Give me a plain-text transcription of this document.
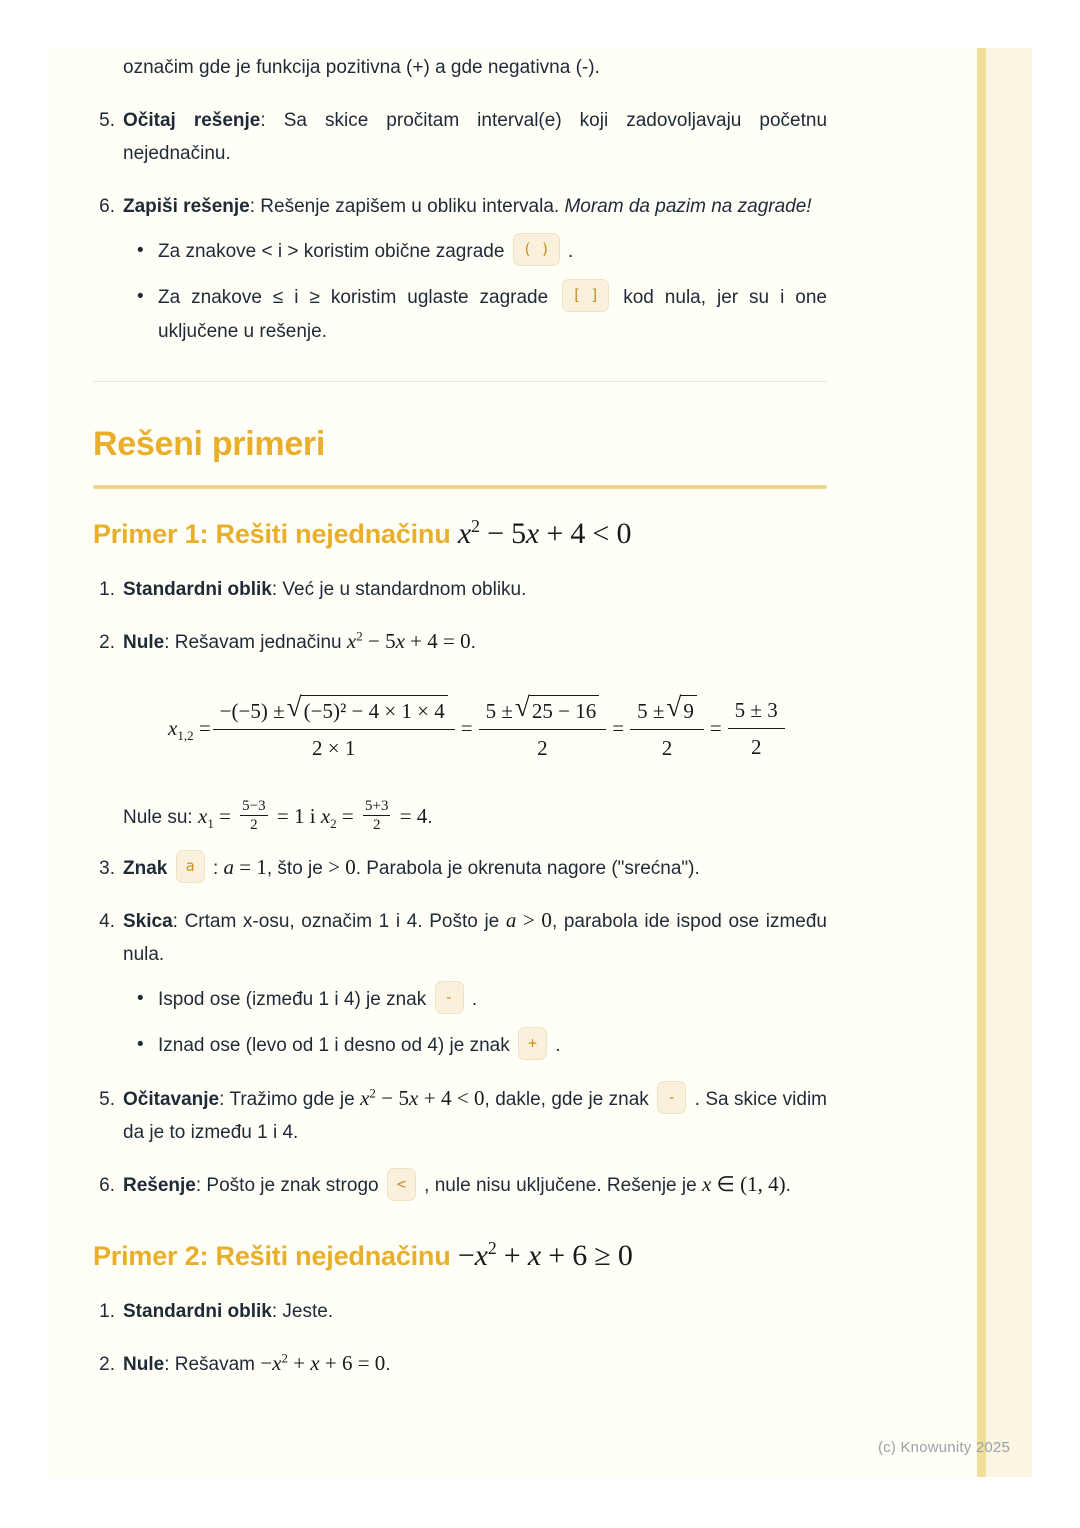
označim gde je funkcija pozitivna (+) a gde negativna (-).

5. Očitaj rešenje: Sa skice pročitam interval(e) koji zadovoljavaju početnu nejednačinu.
6. Zapiši rešenje: Rešenje zapišem u obliku intervala. Moram da pazim na zagrade!
• Za znakove < i > koristim obične zagrade ( ) .
• Za znakove ≤ i ≥ koristim uglaste zagrade [ ] kod nula, jer su i one uključene u rešenje.
Rešeni primeri
Primer 1: Rešiti nejednačinu $x^2 - 5x + 4 < 0$
1. Standardni oblik: Već je u standardnom obliku.
2. Nule: Rešavam jednačinu $x^2 - 5x + 4 = 0$.
$x_{1,2} = \frac{\text{−(−5) ± √ (−5)² − 4 × 1 × 4}}{2 \times 1} = \frac{5 \pm √ 25 - 16}{2} = \frac{5 \pm √ 9}{2} = \frac{5 \pm 3}{2}$

Nule su: $x_1 = \frac{5-3}{2} = 1$ i $x_2 = \frac{5+3}{2} = 4$.

3. Znak a : a = 1, što je > 0. Parabola je okrenuta nagore ("srećna").
4. Skica: Crtam x-osu, označim 1 i 4. Pošto je a > 0, parabola ide ispod ose između nula.
• Ispod ose (između 1 i 4) je znak - .
• Iznad ose (levo od 1 i desno od 4) je znak + .
5. Očitavanje: Tražimo gde je $x^2 - 5x + 4 < 0$, dakle, gde je znak - . Sa skice vidim da je to između 1 i 4.
6. Rešenje: Pošto je znak strogo < , nule nisu uključene. Rešenje je x ∈ (1, 4).
Primer 2: Rešiti nejednačinu $-x^2 + x + 6 \ge 0$
1. Standardni oblik: Jeste.
2. Nule: Rešavam $-x^2 + x + 6 = 0$.
(c) Knowunity 2025
